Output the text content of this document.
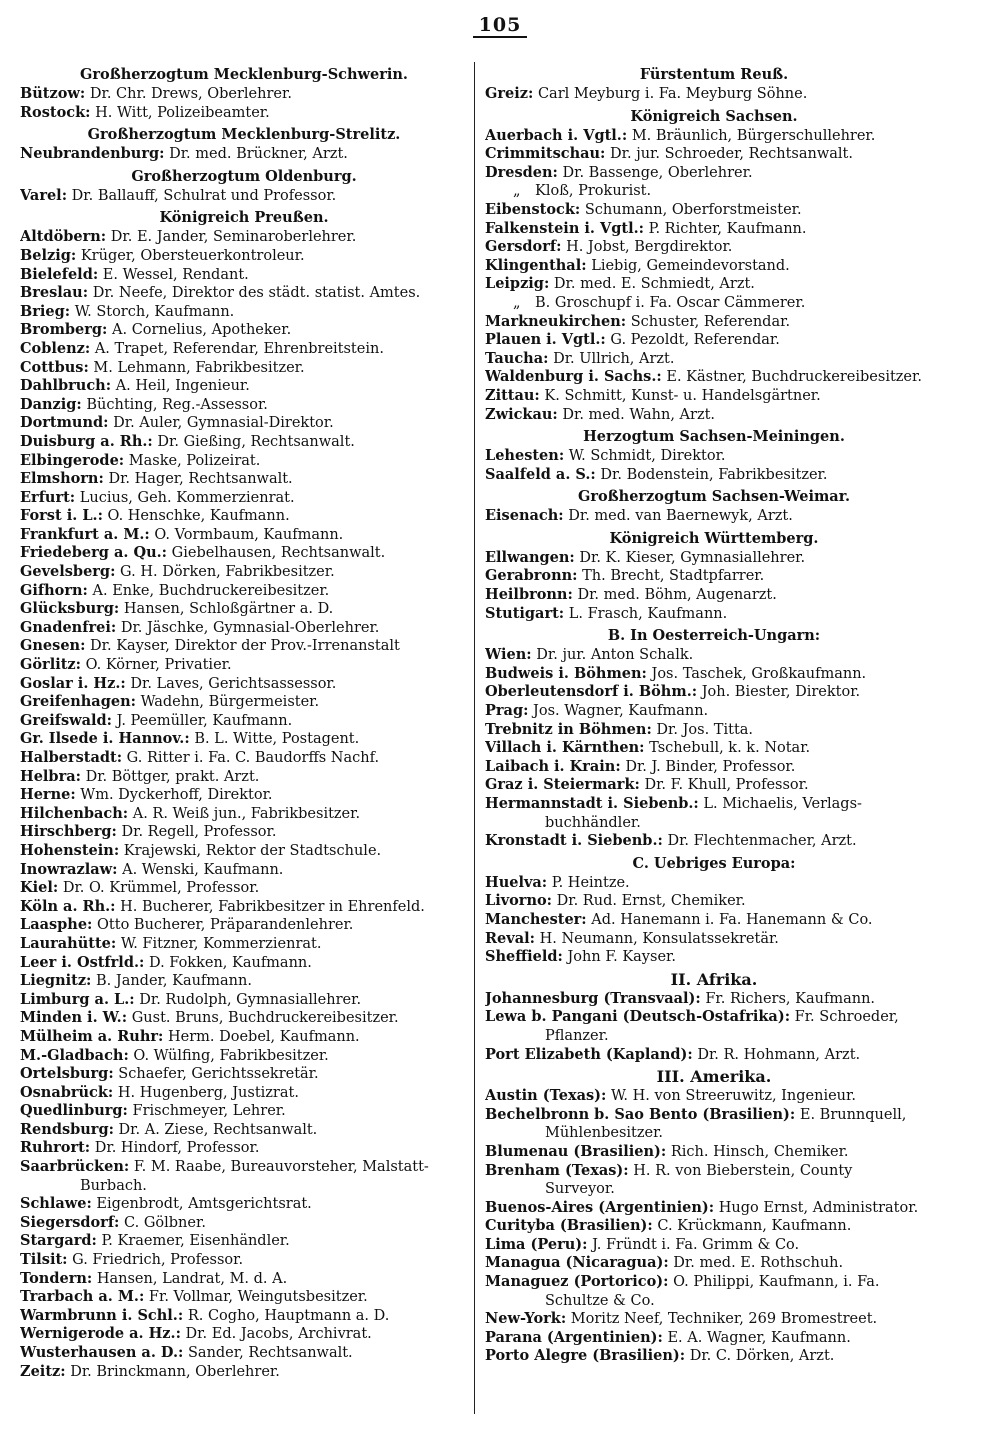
105
Großherzogtum Mecklenburg-Schwerin.
Bützow: Dr. Chr. Drews, Oberlehrer.
Rostock: H. Witt, Polizeibeamter.
Großherzogtum Mecklenburg-Strelitz.
Neubrandenburg: Dr. med. Brückner, Arzt.
Großherzogtum Oldenburg.
Varel: Dr. Ballauff, Schulrat und Professor.
Königreich Preußen.
Altdöbern: Dr. E. Jander, Seminaroberlehrer.
Belzig: Krüger, Obersteuerkontroleur.
Bielefeld: E. Wessel, Rendant.
Breslau: Dr. Neefe, Direktor des städt. statist. Amtes.
Brieg: W. Storch, Kaufmann.
Bromberg: A. Cornelius, Apotheker.
Coblenz: A. Trapet, Referendar, Ehrenbreitstein.
Cottbus: M. Lehmann, Fabrikbesitzer.
Dahlbruch: A. Heil, Ingenieur.
Danzig: Büchting, Reg.-Assessor.
Dortmund: Dr. Auler, Gymnasial-Direktor.
Duisburg a. Rh.: Dr. Gießing, Rechtsanwalt.
Elbingerode: Maske, Polizeirat.
Elmshorn: Dr. Hager, Rechtsanwalt.
Erfurt: Lucius, Geh. Kommerzienrat.
Forst i. L.: O. Henschke, Kaufmann.
Frankfurt a. M.: O. Vormbaum, Kaufmann.
Friedeberg a. Qu.: Giebelhausen, Rechtsanwalt.
Gevelsberg: G. H. Dörken, Fabrikbesitzer.
Gifhorn: A. Enke, Buchdruckereibesitzer.
Glücksburg: Hansen, Schloßgärtner a. D.
Gnadenfrei: Dr. Jäschke, Gymnasial-Oberlehrer.
Gnesen: Dr. Kayser, Direktor der Prov.-Irrenanstalt
Görlitz: O. Körner, Privatier.
Goslar i. Hz.: Dr. Laves, Gerichtsassessor.
Greifenhagen: Wadehn, Bürgermeister.
Greifswald: J. Peemüller, Kaufmann.
Gr. Ilsede i. Hannov.: B. L. Witte, Postagent.
Halberstadt: G. Ritter i. Fa. C. Baudorffs Nachf.
Helbra: Dr. Böttger, prakt. Arzt.
Herne: Wm. Dyckerhoff, Direktor.
Hilchenbach: A. R. Weiß jun., Fabrikbesitzer.
Hirschberg: Dr. Regell, Professor.
Hohenstein: Krajewski, Rektor der Stadtschule.
Inowrazlaw: A. Wenski, Kaufmann.
Kiel: Dr. O. Krümmel, Professor.
Köln a. Rh.: H. Bucherer, Fabrikbesitzer in Ehrenfeld.
Laasphe: Otto Bucherer, Präparandenlehrer.
Laurahütte: W. Fitzner, Kommerzienrat.
Leer i. Ostfrld.: D. Fokken, Kaufmann.
Liegnitz: B. Jander, Kaufmann.
Limburg a. L.: Dr. Rudolph, Gymnasiallehrer.
Minden i. W.: Gust. Bruns, Buchdruckereibesitzer.
Mülheim a. Ruhr: Herm. Doebel, Kaufmann.
M.-Gladbach: O. Wülfing, Fabrikbesitzer.
Ortelsburg: Schaefer, Gerichtssekretär.
Osnabrück: H. Hugenberg, Justizrat.
Quedlinburg: Frischmeyer, Lehrer.
Rendsburg: Dr. A. Ziese, Rechtsanwalt.
Ruhrort: Dr. Hindorf, Professor.
Saarbrücken: F. M. Raabe, Bureauvorsteher, Malstatt-
Burbach.
Schlawe: Eigenbrodt, Amtsgerichtsrat.
Siegersdorf: C. Gölbner.
Stargard: P. Kraemer, Eisenhändler.
Tilsit: G. Friedrich, Professor.
Tondern: Hansen, Landrat, M. d. A.
Trarbach a. M.: Fr. Vollmar, Weingutsbesitzer.
Warmbrunn i. Schl.: R. Cogho, Hauptmann a. D.
Wernigerode a. Hz.: Dr. Ed. Jacobs, Archivrat.
Wusterhausen a. D.: Sander, Rechtsanwalt.
Zeitz: Dr. Brinckmann, Oberlehrer.
Fürstentum Reuß.
Greiz: Carl Meyburg i. Fa. Meyburg Söhne.
Königreich Sachsen.
Auerbach i. Vgtl.: M. Bräunlich, Bürgerschullehrer.
Crimmitschau: Dr. jur. Schroeder, Rechtsanwalt.
Dresden: Dr. Bassenge, Oberlehrer.
„  Kloß, Prokurist.
Eibenstock: Schumann, Oberforstmeister.
Falkenstein i. Vgtl.: P. Richter, Kaufmann.
Gersdorf: H. Jobst, Bergdirektor.
Klingenthal: Liebig, Gemeindevorstand.
Leipzig: Dr. med. E. Schmiedt, Arzt.
„  B. Groschupf i. Fa. Oscar Cämmerer.
Markneukirchen: Schuster, Referendar.
Plauen i. Vgtl.: G. Pezoldt, Referendar.
Taucha: Dr. Ullrich, Arzt.
Waldenburg i. Sachs.: E. Kästner, Buchdruckereibesitzer.
Zittau: K. Schmitt, Kunst- u. Handelsgärtner.
Zwickau: Dr. med. Wahn, Arzt.
Herzogtum Sachsen-Meiningen.
Lehesten: W. Schmidt, Direktor.
Saalfeld a. S.: Dr. Bodenstein, Fabrikbesitzer.
Großherzogtum Sachsen-Weimar.
Eisenach: Dr. med. van Baernewyk, Arzt.
Königreich Württemberg.
Ellwangen: Dr. K. Kieser, Gymnasiallehrer.
Gerabronn: Th. Brecht, Stadtpfarrer.
Heilbronn: Dr. med. Böhm, Augenarzt.
Stutigart: L. Frasch, Kaufmann.
B. In Oesterreich-Ungarn:
Wien: Dr. jur. Anton Schalk.
Budweis i. Böhmen: Jos. Taschek, Großkaufmann.
Oberleutensdorf i. Böhm.: Joh. Biester, Direktor.
Prag: Jos. Wagner, Kaufmann.
Trebnitz in Böhmen: Dr. Jos. Titta.
Villach i. Kärnthen: Tschebull, k. k. Notar.
Laibach i. Krain: Dr. J. Binder, Professor.
Graz i. Steiermark: Dr. F. Khull, Professor.
Hermannstadt i. Siebenb.: L. Michaelis, Verlags-
buchhändler.
Kronstadt i. Siebenb.: Dr. Flechtenmacher, Arzt.
C. Uebriges Europa:
Huelva: P. Heintze.
Livorno: Dr. Rud. Ernst, Chemiker.
Manchester: Ad. Hanemann i. Fa. Hanemann & Co.
Reval: H. Neumann, Konsulatssekretär.
Sheffield: John F. Kayser.
II. Afrika.
Johannesburg (Transvaal): Fr. Richers, Kaufmann.
Lewa b. Pangani (Deutsch-Ostafrika): Fr. Schroeder,
Pflanzer.
Port Elizabeth (Kapland): Dr. R. Hohmann, Arzt.
III. Amerika.
Austin (Texas): W. H. von Streeruwitz, Ingenieur.
Bechelbronn b. Sao Bento (Brasilien): E. Brunnquell,
Mühlenbesitzer.
Blumenau (Brasilien): Rich. Hinsch, Chemiker.
Brenham (Texas): H. R. von Bieberstein, County
Surveyor.
Buenos-Aires (Argentinien): Hugo Ernst, Administrator.
Curityba (Brasilien): C. Krückmann, Kaufmann.
Lima (Peru): J. Fründt i. Fa. Grimm & Co.
Managua (Nicaragua): Dr. med. E. Rothschuh.
Managuez (Portorico): O. Philippi, Kaufmann, i. Fa.
Schultze & Co.
New-York: Moritz Neef, Techniker, 269 Bromestreet.
Parana (Argentinien): E. A. Wagner, Kaufmann.
Porto Alegre (Brasilien): Dr. C. Dörken, Arzt.
